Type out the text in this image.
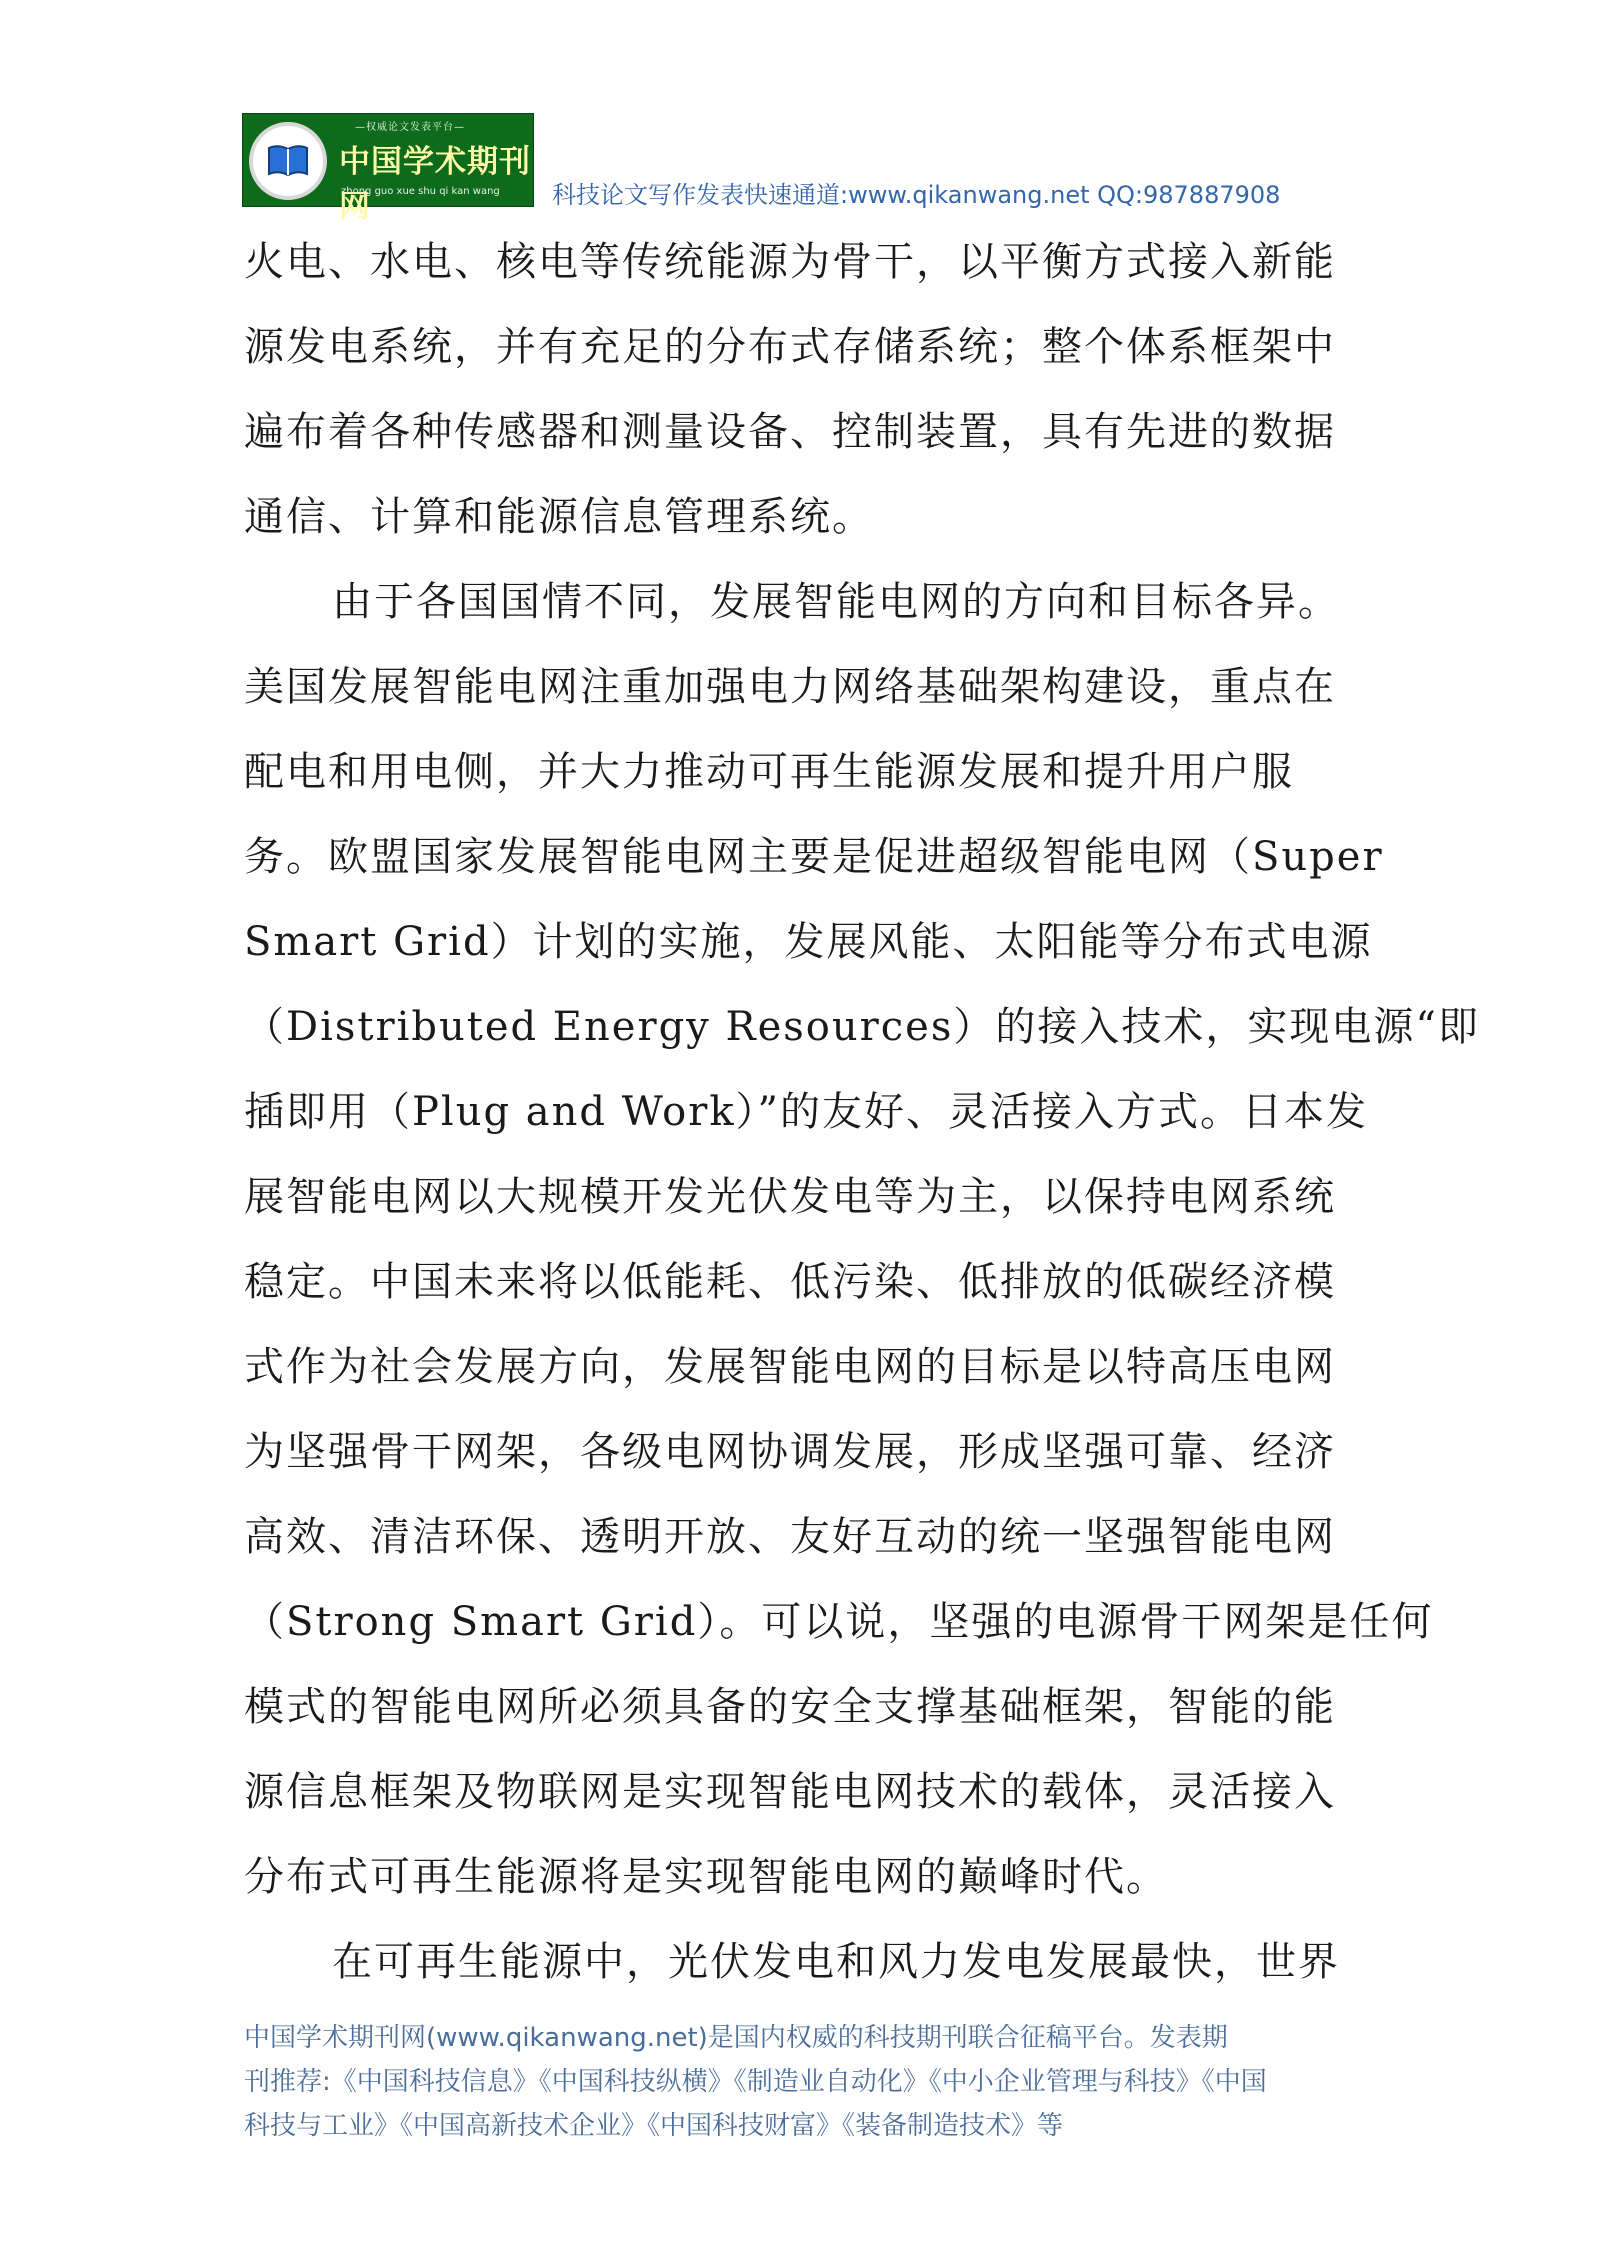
—权威论文发表平台—
中国学术期刊网
zhong guo xue shu qi kan wang 科技论文写作发表快速通道:www.qikanwang.net QQ:987887908

火电、水电、核电等传统能源为骨干，以平衡方式接入新能
源发电系统，并有充足的分布式存储系统；整个体系框架中
遍布着各种传感器和测量设备、控制装置，具有先进的数据
通信、计算和能源信息管理系统。

由于各国国情不同，发展智能电网的方向和目标各异。
美国发展智能电网注重加强电力网络基础架构建设，重点在
配电和用电侧，并大力推动可再生能源发展和提升用户服
务。欧盟国家发展智能电网主要是促进超级智能电网（Super
Smart Grid）计划的实施，发展风能、太阳能等分布式电源
（Distributed Energy Resources）的接入技术，实现电源“即
插即用（Plug and Work）”的友好、灵活接入方式。日本发
展智能电网以大规模开发光伏发电等为主，以保持电网系统
稳定。中国未来将以低能耗、低污染、低排放的低碳经济模
式作为社会发展方向，发展智能电网的目标是以特高压电网
为坚强骨干网架，各级电网协调发展，形成坚强可靠、经济
高效、清洁环保、透明开放、友好互动的统一坚强智能电网
（Strong Smart Grid）。可以说，坚强的电源骨干网架是任何
模式的智能电网所必须具备的安全支撑基础框架，智能的能
源信息框架及物联网是实现智能电网技术的载体，灵活接入
分布式可再生能源将是实现智能电网的巅峰时代。

在可再生能源中，光伏发电和风力发电发展最快，世界

中国学术期刊网(www.qikanwang.net)是国内权威的科技期刊联合征稿平台。发表期
刊推荐:《中国科技信息》《中国科技纵横》《制造业自动化》《中小企业管理与科技》《中国
科技与工业》《中国高新技术企业》《中国科技财富》《装备制造技术》等
